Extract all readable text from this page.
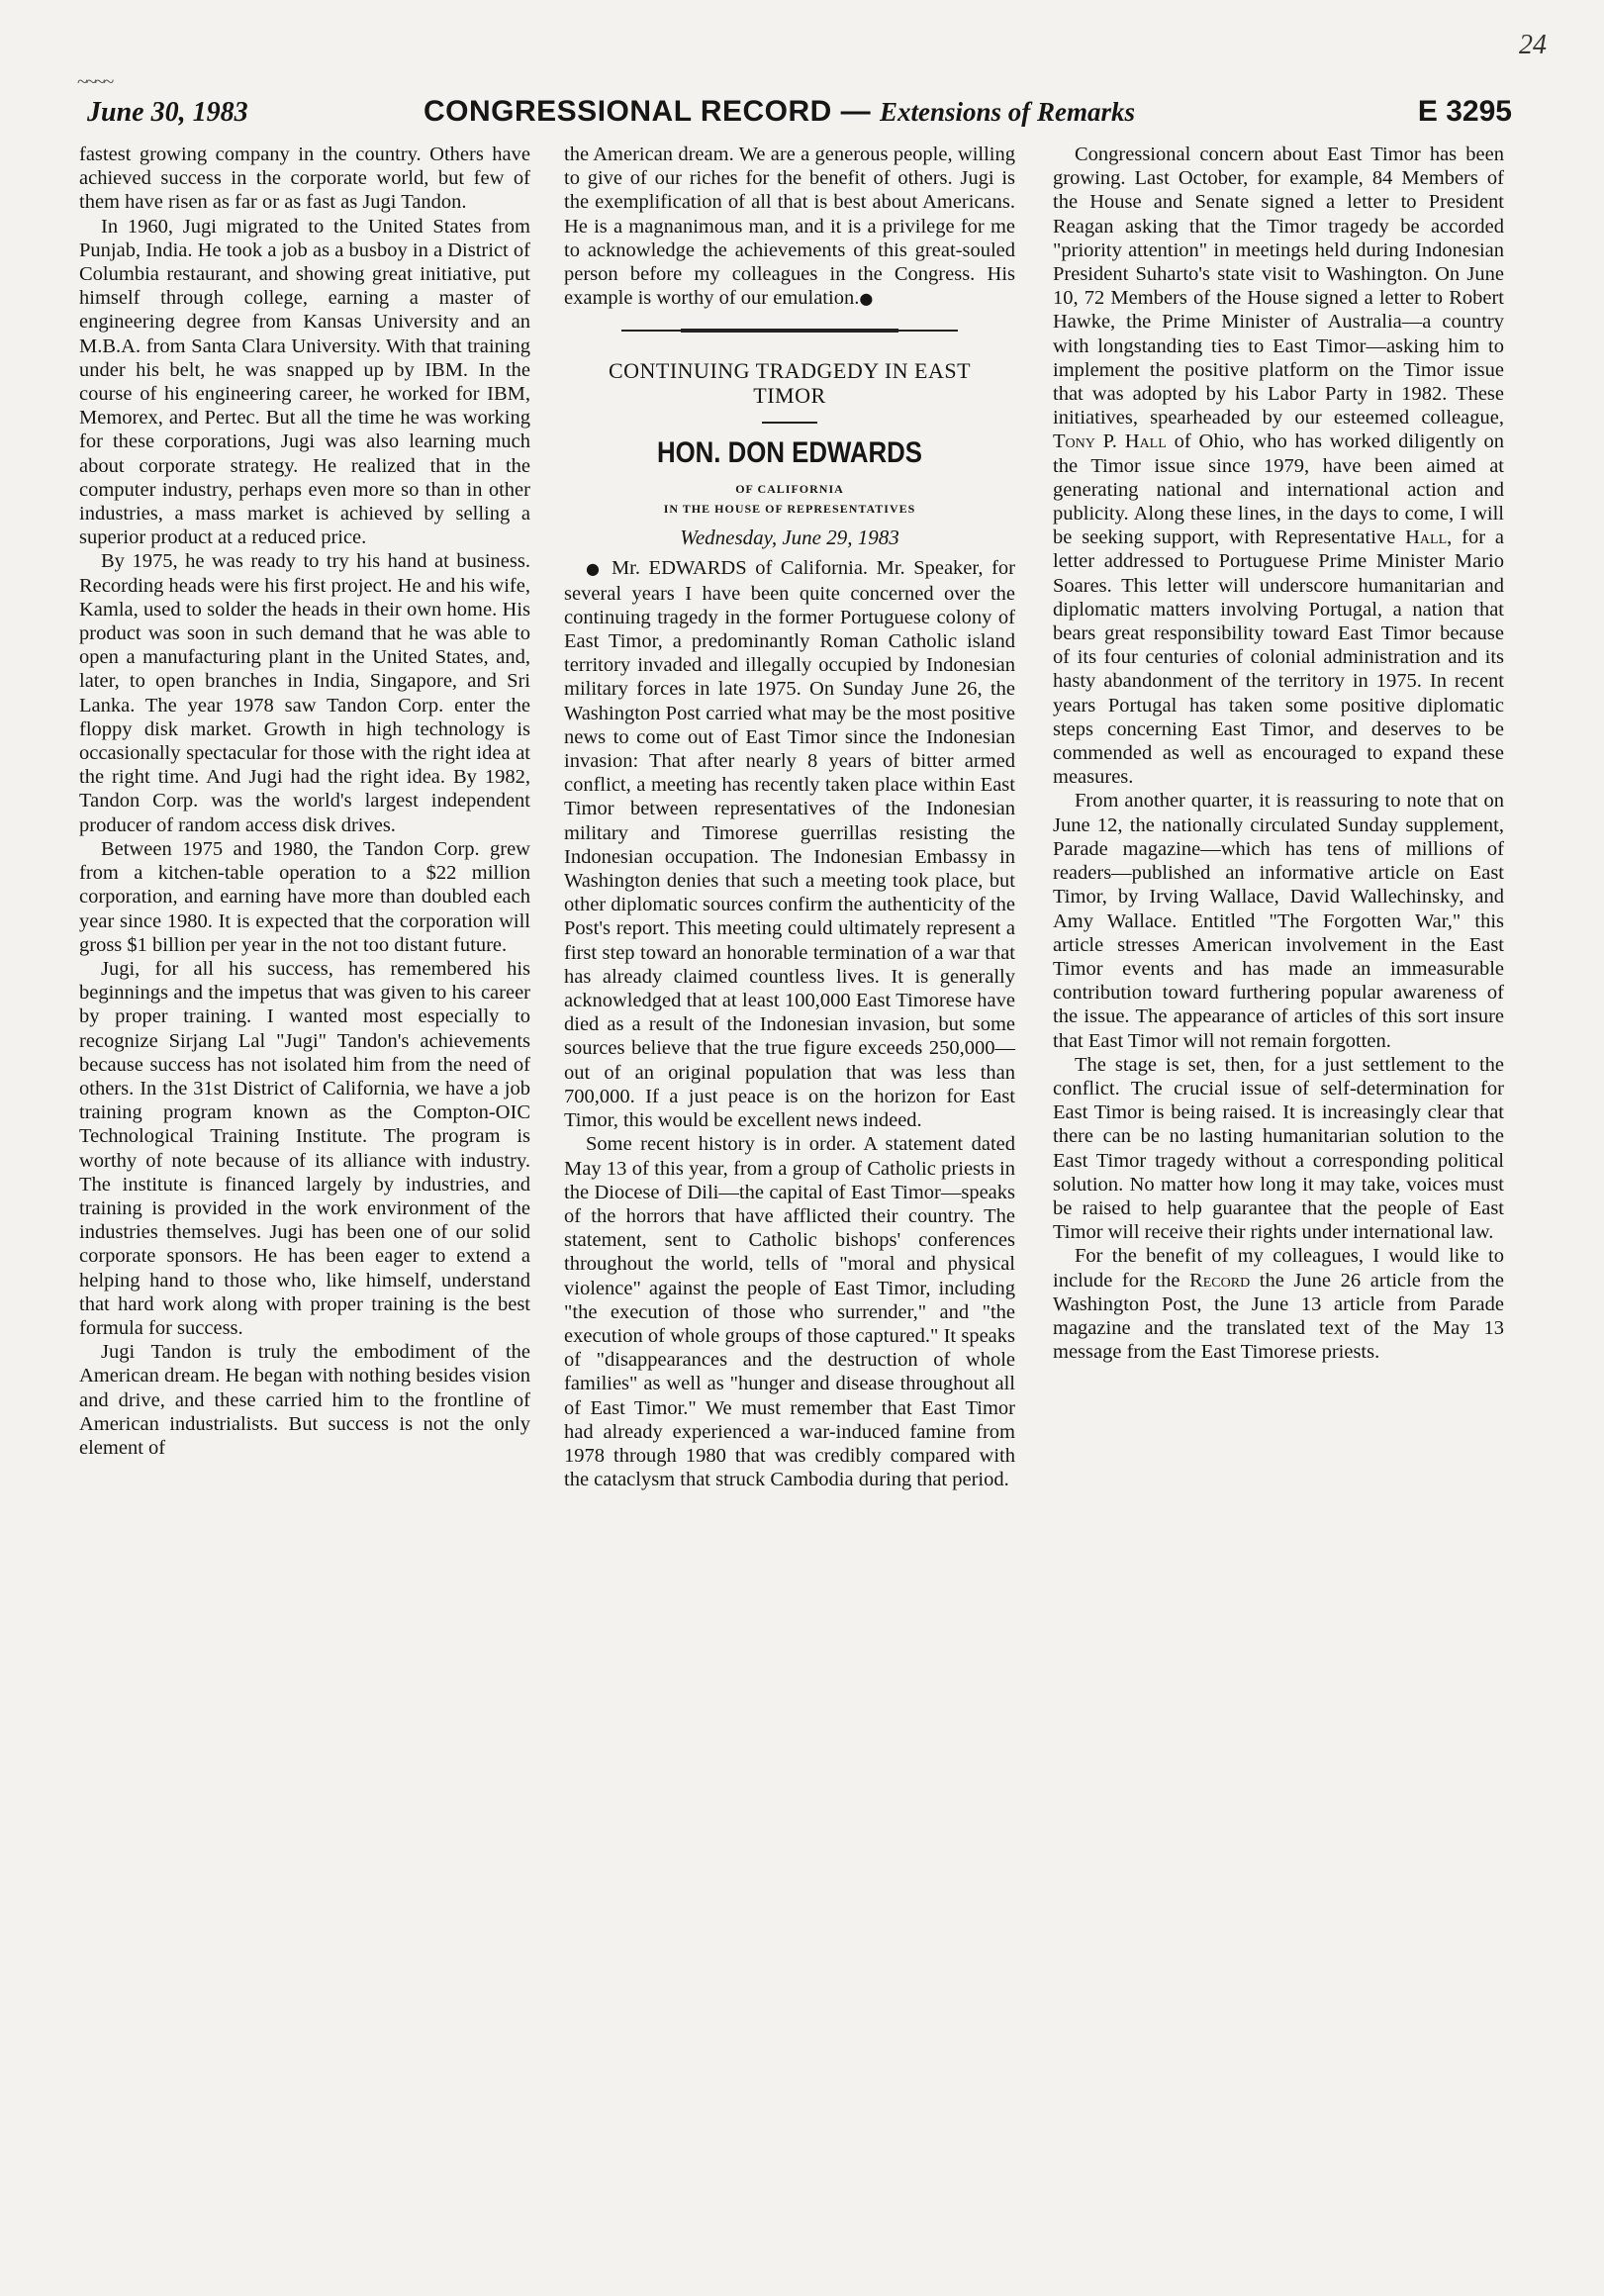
24
~~~~
June 30, 1983	CONGRESSIONAL RECORD — Extensions of Remarks	E 3295

fastest growing company in the country. Others have achieved success in the corporate world, but few of them have risen as far or as fast as Jugi Tandon.

In 1960, Jugi migrated to the United States from Punjab, India. He took a job as a busboy in a District of Columbia restaurant, and showing great initiative, put himself through college, earning a master of engineering degree from Kansas University and an M.B.A. from Santa Clara University. With that training under his belt, he was snapped up by IBM. In the course of his engineering career, he worked for IBM, Memorex, and Pertec. But all the time he was working for these corporations, Jugi was also learning much about corporate strategy. He realized that in the computer industry, perhaps even more so than in other industries, a mass market is achieved by selling a superior product at a reduced price.

By 1975, he was ready to try his hand at business. Recording heads were his first project. He and his wife, Kamla, used to solder the heads in their own home. His product was soon in such demand that he was able to open a manufacturing plant in the United States, and, later, to open branches in India, Singapore, and Sri Lanka. The year 1978 saw Tandon Corp. enter the floppy disk market. Growth in high technology is occasionally spectacular for those with the right idea at the right time. And Jugi had the right idea. By 1982, Tandon Corp. was the world's largest independent producer of random access disk drives.

Between 1975 and 1980, the Tandon Corp. grew from a kitchen-table operation to a $22 million corporation, and earning have more than doubled each year since 1980. It is expected that the corporation will gross $1 billion per year in the not too distant future.

Jugi, for all his success, has remembered his beginnings and the impetus that was given to his career by proper training. I wanted most especially to recognize Sirjang Lal "Jugi" Tandon's achievements because success has not isolated him from the need of others. In the 31st District of California, we have a job training program known as the Compton-OIC Technological Training Institute. The program is worthy of note because of its alliance with industry. The institute is financed largely by industries, and training is provided in the work environment of the industries themselves. Jugi has been one of our solid corporate sponsors. He has been eager to extend a helping hand to those who, like himself, understand that hard work along with proper training is the best formula for success.

Jugi Tandon is truly the embodiment of the American dream. He began with nothing besides vision and drive, and these carried him to the frontline of American industrialists. But success is not the only element of

the American dream. We are a generous people, willing to give of our riches for the benefit of others. Jugi is the exemplification of all that is best about Americans. He is a magnanimous man, and it is a privilege for me to acknowledge the achievements of this great-souled person before my colleagues in the Congress. His example is worthy of our emulation.●

CONTINUING TRADGEDY IN EAST TIMOR
HON. DON EDWARDS
OF CALIFORNIA
IN THE HOUSE OF REPRESENTATIVES
Wednesday, June 29, 1983

● Mr. EDWARDS of California. Mr. Speaker, for several years I have been quite concerned over the continuing tragedy in the former Portuguese colony of East Timor, a predominantly Roman Catholic island territory invaded and illegally occupied by Indonesian military forces in late 1975. On Sunday June 26, the Washington Post carried what may be the most positive news to come out of East Timor since the Indonesian invasion: That after nearly 8 years of bitter armed conflict, a meeting has recently taken place within East Timor between representatives of the Indonesian military and Timorese guerrillas resisting the Indonesian occupation. The Indonesian Embassy in Washington denies that such a meeting took place, but other diplomatic sources confirm the authenticity of the Post's report. This meeting could ultimately represent a first step toward an honorable termination of a war that has already claimed countless lives. It is generally acknowledged that at least 100,000 East Timorese have died as a result of the Indonesian invasion, but some sources believe that the true figure exceeds 250,000—out of an original population that was less than 700,000. If a just peace is on the horizon for East Timor, this would be excellent news indeed.

Some recent history is in order. A statement dated May 13 of this year, from a group of Catholic priests in the Diocese of Dili—the capital of East Timor—speaks of the horrors that have afflicted their country. The statement, sent to Catholic bishops' conferences throughout the world, tells of "moral and physical violence" against the people of East Timor, including "the execution of those who surrender," and "the execution of whole groups of those captured." It speaks of "disappearances and the destruction of whole families" as well as "hunger and disease throughout all of East Timor." We must remember that East Timor had already experienced a war-induced famine from 1978 through 1980 that was credibly compared with the cataclysm that struck Cambodia during that period.

Congressional concern about East Timor has been growing. Last October, for example, 84 Members of the House and Senate signed a letter to President Reagan asking that the Timor tragedy be accorded "priority attention" in meetings held during Indonesian President Suharto's state visit to Washington. On June 10, 72 Members of the House signed a letter to Robert Hawke, the Prime Minister of Australia—a country with longstanding ties to East Timor—asking him to implement the positive platform on the Timor issue that was adopted by his Labor Party in 1982. These initiatives, spearheaded by our esteemed colleague, Tony P. Hall of Ohio, who has worked diligently on the Timor issue since 1979, have been aimed at generating national and international action and publicity. Along these lines, in the days to come, I will be seeking support, with Representative Hall, for a letter addressed to Portuguese Prime Minister Mario Soares. This letter will underscore humanitarian and diplomatic matters involving Portugal, a nation that bears great responsibility toward East Timor because of its four centuries of colonial administration and its hasty abandonment of the territory in 1975. In recent years Portugal has taken some positive diplomatic steps concerning East Timor, and deserves to be commended as well as encouraged to expand these measures.

From another quarter, it is reassuring to note that on June 12, the nationally circulated Sunday supplement, Parade magazine—which has tens of millions of readers—published an informative article on East Timor, by Irving Wallace, David Wallechinsky, and Amy Wallace. Entitled "The Forgotten War," this article stresses American involvement in the East Timor events and has made an immeasurable contribution toward furthering popular awareness of the issue. The appearance of articles of this sort insure that East Timor will not remain forgotten.

The stage is set, then, for a just settlement to the conflict. The crucial issue of self-determination for East Timor is being raised. It is increasingly clear that there can be no lasting humanitarian solution to the East Timor tragedy without a corresponding political solution. No matter how long it may take, voices must be raised to help guarantee that the people of East Timor will receive their rights under international law.

For the benefit of my colleagues, I would like to include for the Record the June 26 article from the Washington Post, the June 13 article from Parade magazine and the translated text of the May 13 message from the East Timorese priests.
